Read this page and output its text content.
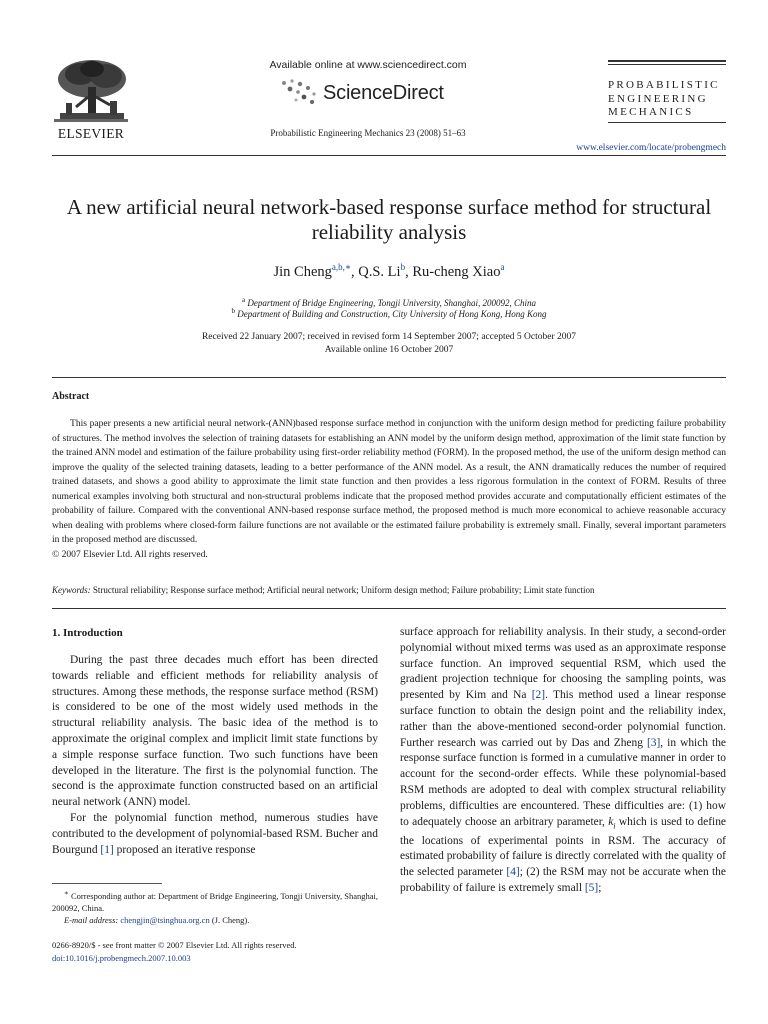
ELSEVIER
Available online at www.sciencedirect.com
ScienceDirect
Probabilistic Engineering Mechanics 23 (2008) 51–63
PROBABILISTIC
ENGINEERING
MECHANICS
www.elsevier.com/locate/probengmech
A new artificial neural network-based response surface method for structural reliability analysis
Jin Cheng$^{a,b,∗}$, Q.S. Li$^b$, Ru-cheng Xiao$^a$
$^a$ Department of Bridge Engineering, Tongji University, Shanghai, 200092, China
$^b$ Department of Building and Construction, City University of Hong Kong, Hong Kong
Received 22 January 2007; received in revised form 14 September 2007; accepted 5 October 2007
Available online 16 October 2007
Abstract
This paper presents a new artificial neural network-(ANN)based response surface method in conjunction with the uniform design method for predicting failure probability of structures. The method involves the selection of training datasets for establishing an ANN model by the uniform design method, approximation of the limit state function by the trained ANN model and estimation of the failure probability using first-order reliability method (FORM). In the proposed method, the use of the uniform design method can improve the quality of the selected training datasets, leading to a better performance of the ANN model. As a result, the ANN dramatically reduces the number of required trained datasets, and shows a good ability to approximate the limit state function and then provides a less rigorous formulation in the context of FORM. Results of three numerical examples involving both structural and non-structural problems indicate that the proposed method provides accurate and computationally efficient estimates of the probability of failure. Compared with the conventional ANN-based response surface method, the proposed method is much more economical to achieve reasonable accuracy when dealing with problems where closed-form failure functions are not available or the estimated failure probability is extremely small. Finally, several important parameters in the proposed method are discussed.
© 2007 Elsevier Ltd. All rights reserved.
Keywords: Structural reliability; Response surface method; Artificial neural network; Uniform design method; Failure probability; Limit state function
1. Introduction

During the past three decades much effort has been directed towards reliable and efficient methods for reliability analysis of structures. Among these methods, the response surface method (RSM) is considered to be one of the most widely used methods in the structural reliability analysis. The basic idea of the method is to approximate the original complex and implicit limit state functions by a simple response surface function. Two such functions have been developed in the literature. The first is the polynomial function. The second is the approximate function constructed based on an artificial neural network (ANN) model.

For the polynomial function method, numerous studies have contributed to the development of polynomial-based RSM. Bucher and Bourgund [1] proposed an iterative response

surface approach for reliability analysis. In their study, a second-order polynomial without mixed terms was used as an approximate response surface function. An improved sequential RSM, which used the gradient projection technique for choosing the sampling points, was presented by Kim and Na [2]. This method used a linear response surface function to obtain the design point and the reliability index, rather than the above-mentioned second-order polynomial function. Further research was carried out by Das and Zheng [3], in which the response surface function is formed in a cumulative manner in order to account for the second-order effects. While these polynomial-based RSM methods are adopted to deal with complex structural reliability problems, difficulties are encountered. These difficulties are: (1) how to adequately choose an arbitrary parameter, $k_i$ which is used to define the locations of experimental points in RSM. The accuracy of estimated probability of failure is directly correlated with the quality of the selected parameter [4]; (2) the RSM may not be accurate when the probability of failure is extremely small [5];

∗ Corresponding author at: Department of Bridge Engineering, Tongji University, Shanghai, 200092, China.
E-mail address: chengjin@tsinghua.org.cn (J. Cheng).
0266-8920/$ - see front matter © 2007 Elsevier Ltd. All rights reserved.
doi:10.1016/j.probengmech.2007.10.003
